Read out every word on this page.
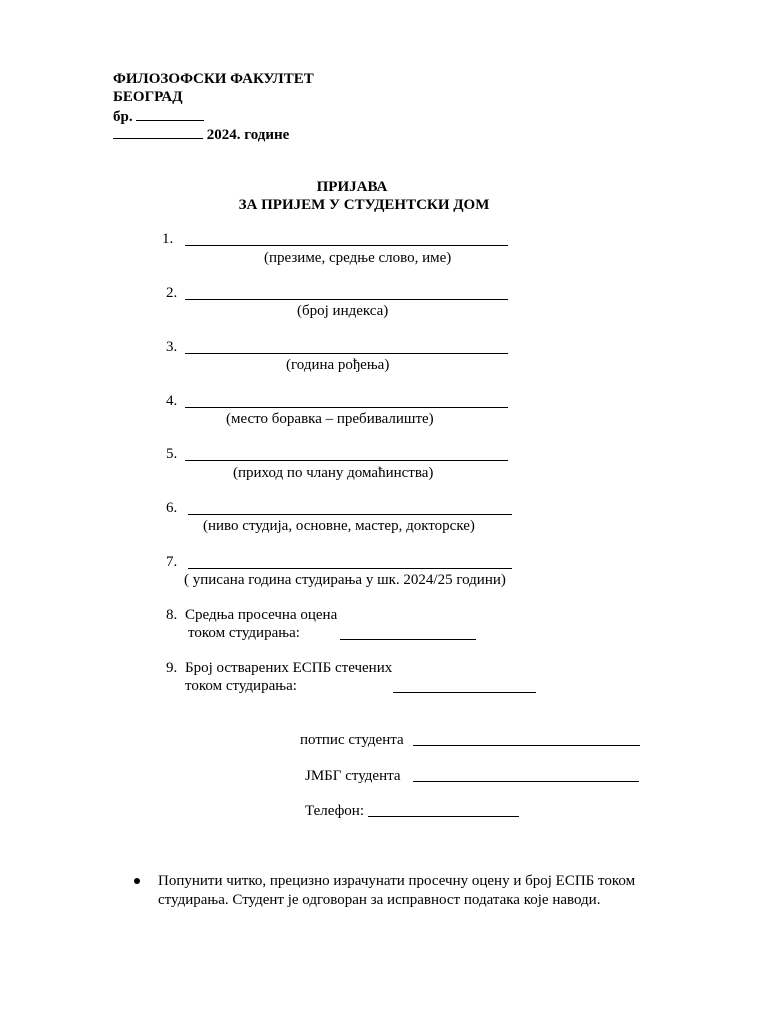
ФИЛОЗОФСКИ ФАКУЛТЕТ
БЕОГРАД
бр.
2024. године
ПРИЈАВА
ЗА ПРИЈЕМ У СТУДЕНТСКИ ДОМ
1.
(презиме, средње слово, име)
2.
(број индекса)
3.
(година рођења)
4.
(место боравка – пребивалиште)
5.
(приход по члану домаћинства)
6.
(ниво студија, основне, мастер, докторске)
7.
( уписана година студирања у шк. 2024/25 години)
8. Средња просечна оцена
током студирања:
9. Број остварених ЕСПБ стечених
током студирања:
потпис студента
ЈМБГ студента
Телефон:
Попунити читко, прецизно израчунати просечну оцену и број ЕСПБ током студирања. Студент је одговоран за исправност података које наводи.
